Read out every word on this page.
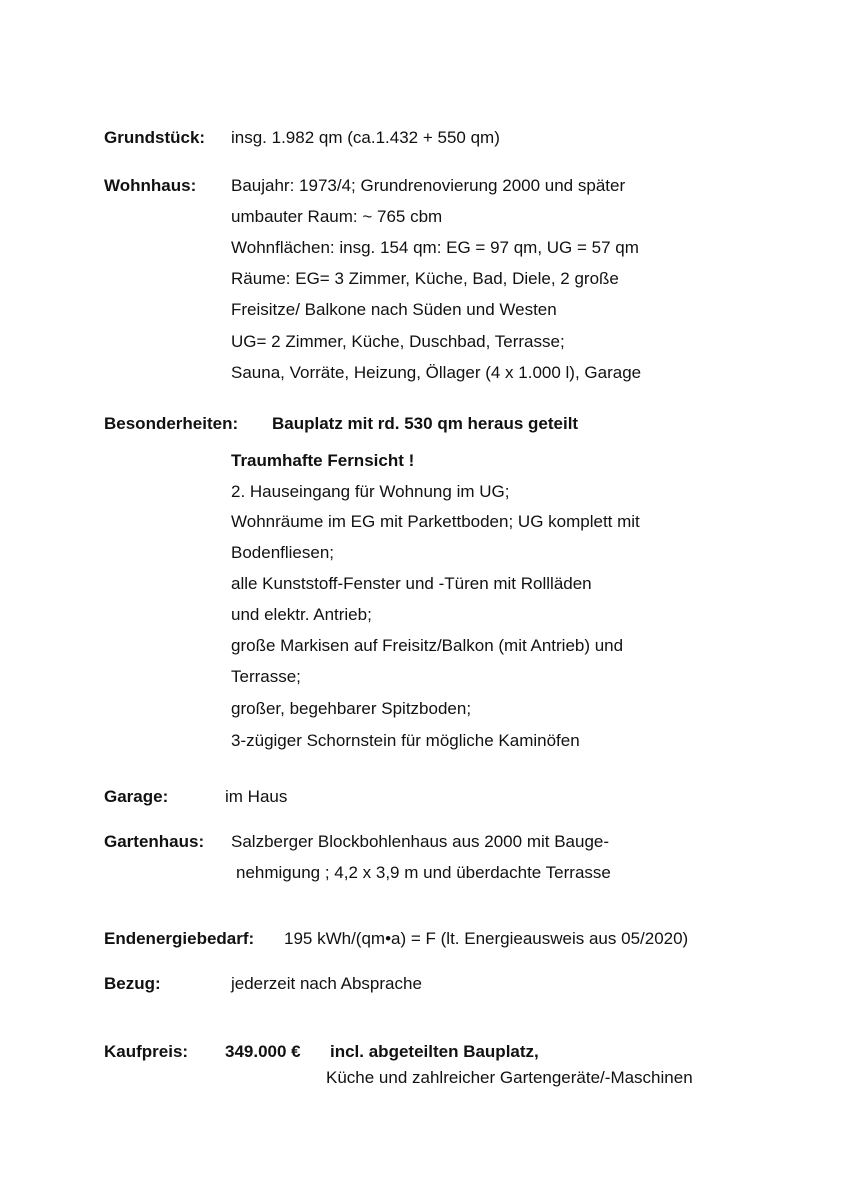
Grundstück: insg. 1.982 qm (ca.1.432 + 550 qm)
Wohnhaus: Baujahr: 1973/4; Grundrenovierung 2000 und später
umbauter Raum: ~ 765 cbm
Wohnflächen: insg. 154 qm: EG = 97 qm, UG = 57 qm
Räume: EG= 3 Zimmer, Küche, Bad, Diele, 2 große
Freisitze/ Balkone nach Süden und Westen
UG= 2 Zimmer, Küche, Duschbad, Terrasse;
Sauna, Vorräte, Heizung, Öllager (4 x 1.000 l), Garage
Besonderheiten: Bauplatz mit rd. 530 qm heraus geteilt
Traumhafte Fernsicht !
2. Hauseingang für Wohnung im UG;
Wohnräume im EG mit Parkettboden; UG komplett mit
Bodenfliesen;
alle Kunststoff-Fenster und -Türen mit Rollläden
und elektr. Antrieb;
große Markisen auf Freisitz/Balkon (mit Antrieb) und
Terrasse;
großer, begehbarer Spitzboden;
3-zügiger Schornstein für mögliche Kaminöfen
Garage:	im Haus
Gartenhaus: Salzberger Blockbohlenhaus aus 2000 mit Bauge-
nehmigung ; 4,2 x 3,9 m und überdachte Terrasse
Endenergiebedarf: 195 kWh/(qm•a) = F (lt. Energieausweis aus 05/2020)
Bezug:	jederzeit nach Absprache
Kaufpreis: 349.000 € incl. abgeteilten Bauplatz,
Küche und zahlreicher Gartengeräte/-Maschinen
